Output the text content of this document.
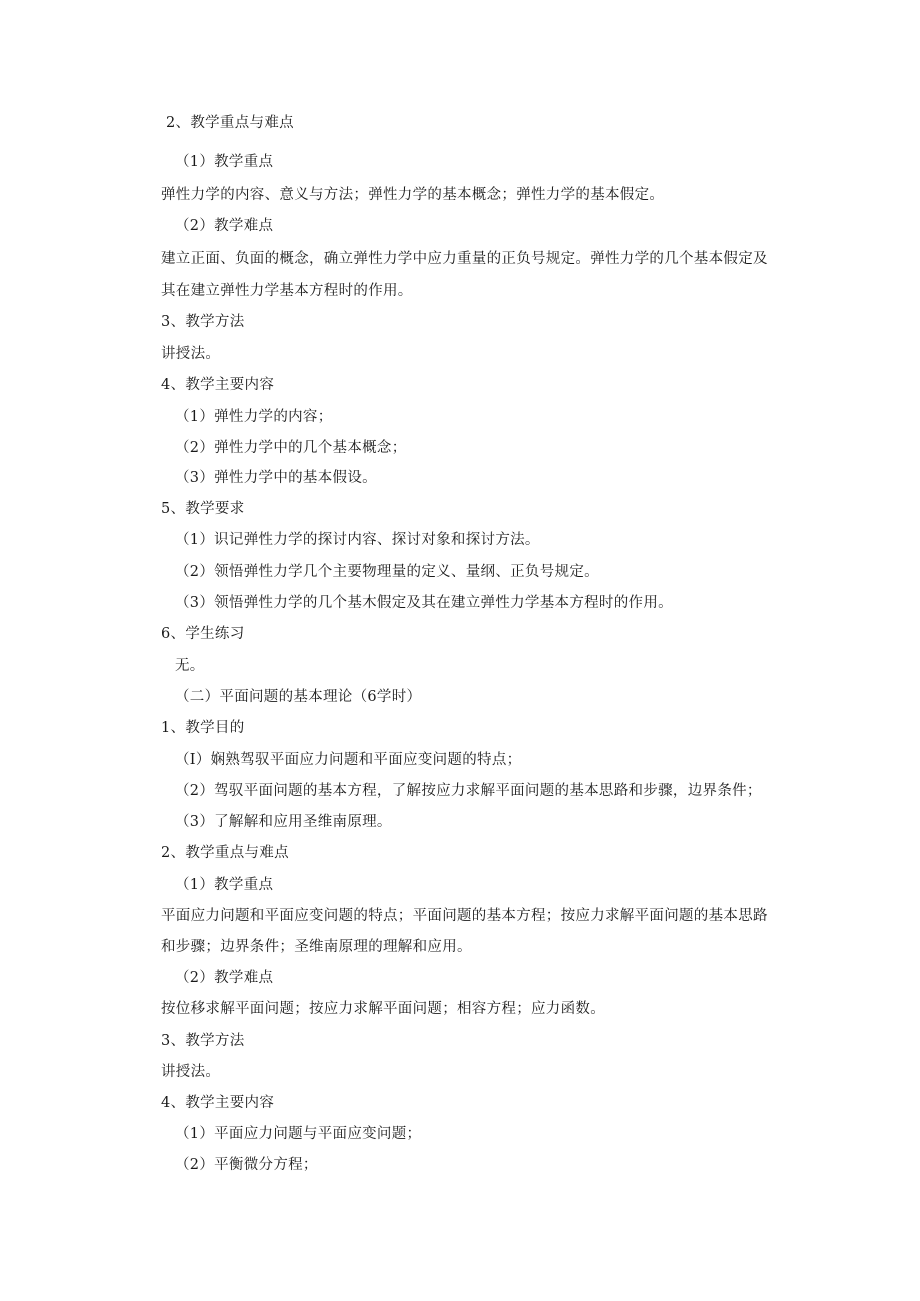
2、教学重点与难点
（1）教学重点
弹性力学的内容、意义与方法；弹性力学的基本概念；弹性力学的基本假定。
（2）教学难点
建立正面、负面的概念，确立弹性力学中应力重量的正负号规定。弹性力学的几个基本假定及
其在建立弹性力学基本方程时的作用。
3、教学方法
讲授法。
4、教学主要内容
（1）弹性力学的内容；
（2）弹性力学中的几个基本概念；
（3）弹性力学中的基本假设。
5、教学要求
（1）识记弹性力学的探讨内容、探讨对象和探讨方法。
（2）领悟弹性力学几个主要物理量的定义、量纲、正负号规定。
（3）领悟弹性力学的几个基木假定及其在建立弹性力学基本方程时的作用。
6、学生练习
无。
（二）平面问题的基本理论（6学时）
1、教学目的
（I）娴熟驾驭平面应力问题和平面应变问题的特点；
（2）驾驭平面问题的基本方程，了解按应力求解平面问题的基本思路和步骤，边界条件；
（3）了解解和应用圣维南原理。
2、教学重点与难点
（1）教学重点
平面应力问题和平面应变问题的特点；平面问题的基本方程；按应力求解平面问题的基本思路
和步骤；边界条件；圣维南原理的理解和应用。
（2）教学难点
按位移求解平面问题；按应力求解平面问题；相容方程；应力函数。
3、教学方法
讲授法。
4、教学主要内容
（1）平面应力问题与平面应变问题；
（2）平衡微分方程；
